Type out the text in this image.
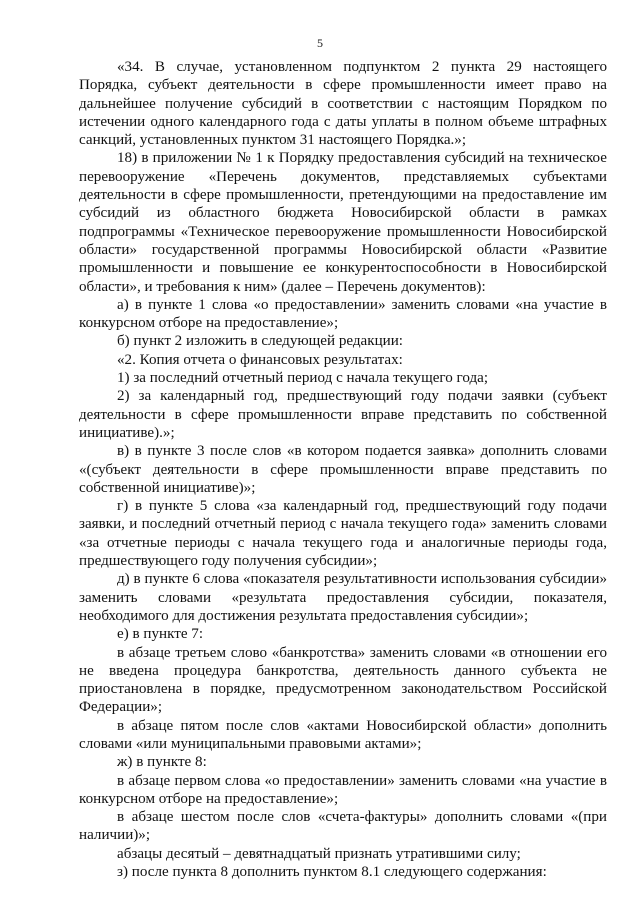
5

«34. В случае, установленном подпунктом 2 пункта 29 настоящего Порядка, субъект деятельности в сфере промышленности имеет право на дальнейшее получение субсидий в соответствии с настоящим Порядком по истечении одного календарного года с даты уплаты в полном объеме штрафных санкций, установленных пунктом 31 настоящего Порядка.»;

18) в приложении № 1 к Порядку предоставления субсидий на техническое перевооружение «Перечень документов, представляемых субъектами деятельности в сфере промышленности, претендующими на предоставление им субсидий из областного бюджета Новосибирской области в рамках подпрограммы «Техническое перевооружение промышленности Новосибирской области» государственной программы Новосибирской области «Развитие промышленности и повышение ее конкурентоспособности в Новосибирской области», и требования к ним» (далее – Перечень документов):

а) в пункте 1 слова «о предоставлении» заменить словами «на участие в конкурсном отборе на предоставление»;

б) пункт 2 изложить в следующей редакции:

«2. Копия отчета о финансовых результатах:

1) за последний отчетный период с начала текущего года;

2) за календарный год, предшествующий году подачи заявки (субъект деятельности в сфере промышленности вправе представить по собственной инициативе).»;

в) в пункте 3 после слов «в котором подается заявка» дополнить словами «(субъект деятельности в сфере промышленности вправе представить по собственной инициативе)»;

г) в пункте 5 слова «за календарный год, предшествующий году подачи заявки, и последний отчетный период с начала текущего года» заменить словами «за отчетные периоды с начала текущего года и аналогичные периоды года, предшествующего году получения субсидии»;

д) в пункте 6 слова «показателя результативности использования субсидии» заменить словами «результата предоставления субсидии, показателя, необходимого для достижения результата предоставления субсидии»;

е) в пункте 7:

в абзаце третьем слово «банкротства» заменить словами «в отношении его не введена процедура банкротства, деятельность данного субъекта не приостановлена в порядке, предусмотренном законодательством Российской Федерации»;

в абзаце пятом после слов «актами Новосибирской области» дополнить словами «или муниципальными правовыми актами»;

ж) в пункте 8:

в абзаце первом слова «о предоставлении» заменить словами «на участие в конкурсном отборе на предоставление»;

в абзаце шестом после слов «счета-фактуры» дополнить словами «(при наличии)»;

абзацы десятый – девятнадцатый признать утратившими силу;

з) после пункта 8 дополнить пунктом 8.1 следующего содержания:
